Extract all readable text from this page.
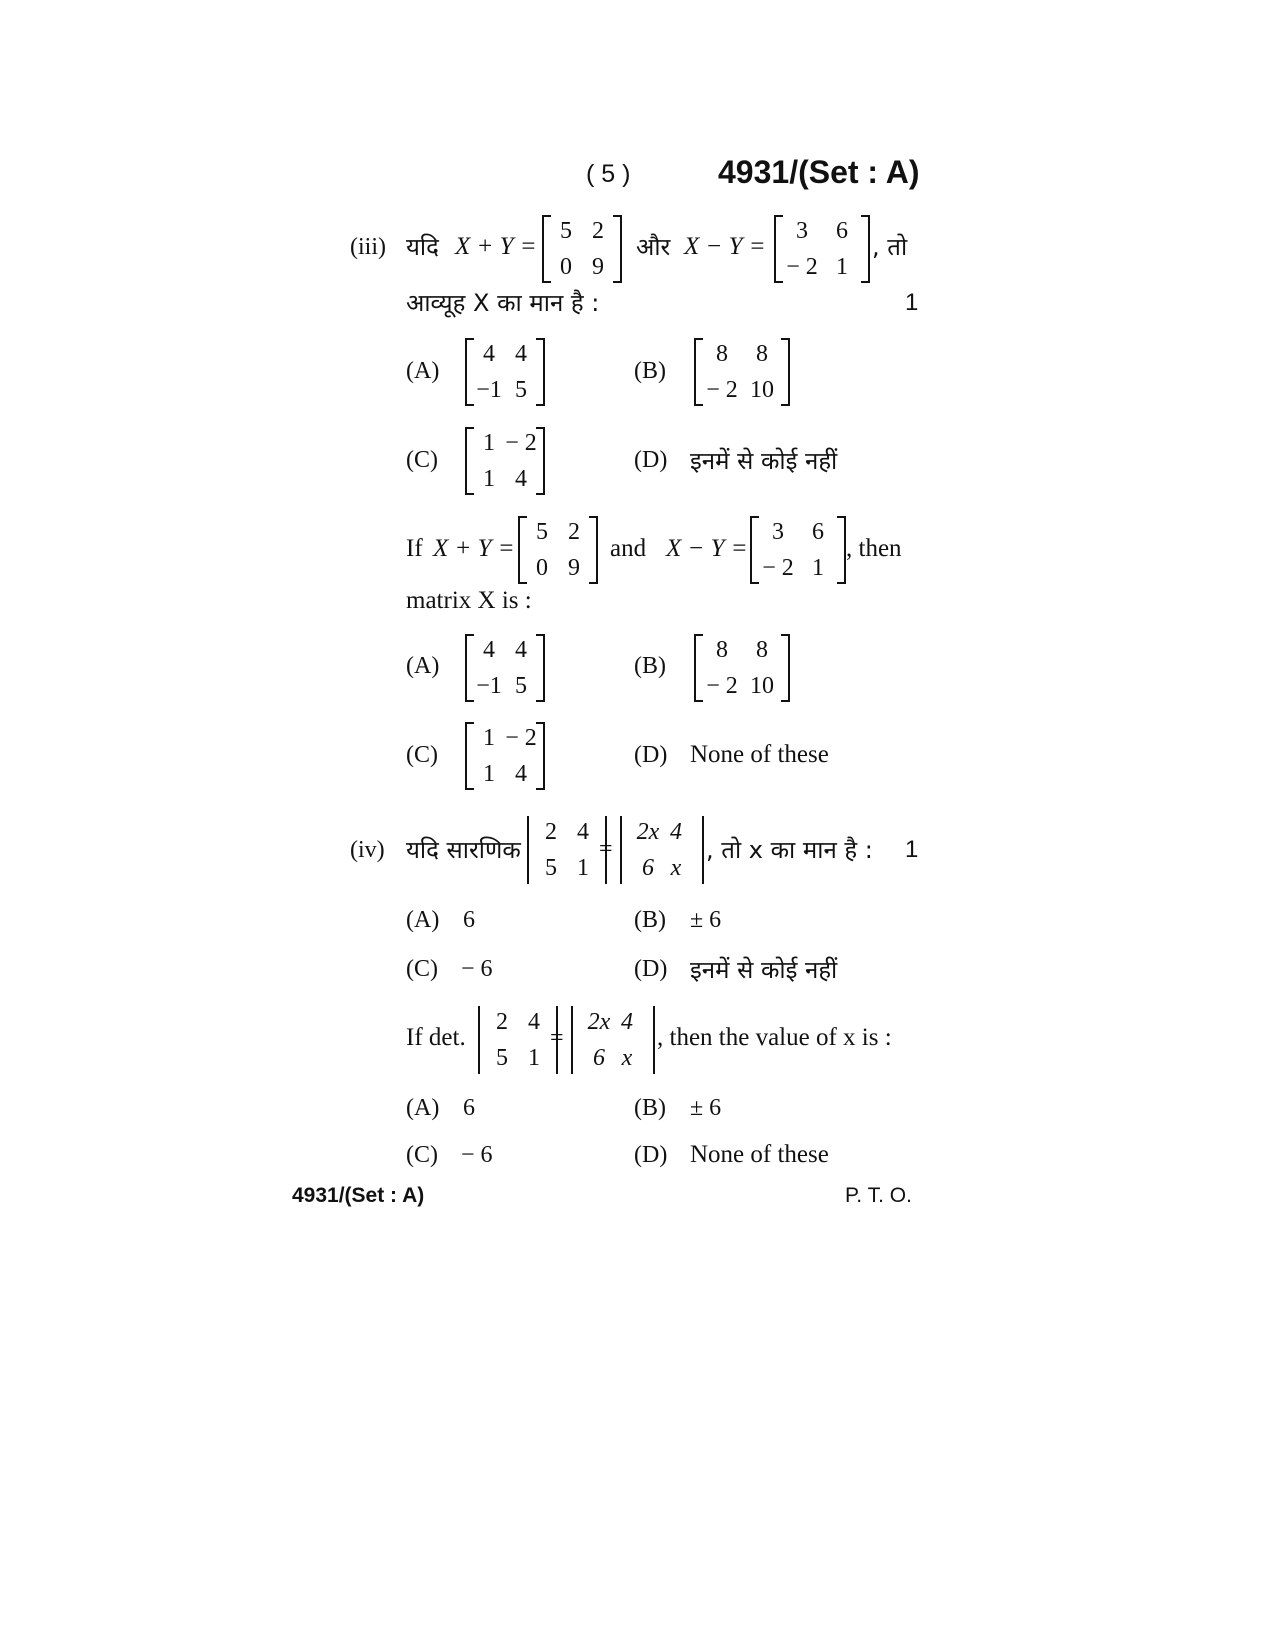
( 5 )	4931/(Set : A)
(iii) यदि X + Y =
5 2
0 9
और X − Y =
3	6
− 2 1
, तो
आव्यूह X का मान है :	1
(A)
4 4
−1 5
(B)
8	8
− 2 10
(C)
1 − 2
1 4
(D) इनमें से कोई नहीं
If X + Y =
5 2
0 9
and X − Y =
3	6
− 2 1
, then
matrix X is :
(A)
4 4
−1 5
(B)
8	8
− 2 10
(C)
1 − 2
1 4
(D) None of these
(iv) यदि सारणिक
2 4
5 1
=
2x 4
6 x
, तो x का मान है : 1
(A) 6	(B) ± 6
(C) − 6	(D) इनमें से कोई नहीं
If det.
2 4
5 1
=
2x 4
6 x
, then the value of x is :
(A) 6	(B) ± 6
(C) − 6	(D) None of these
4931/(Set : A)	P. T. O.
